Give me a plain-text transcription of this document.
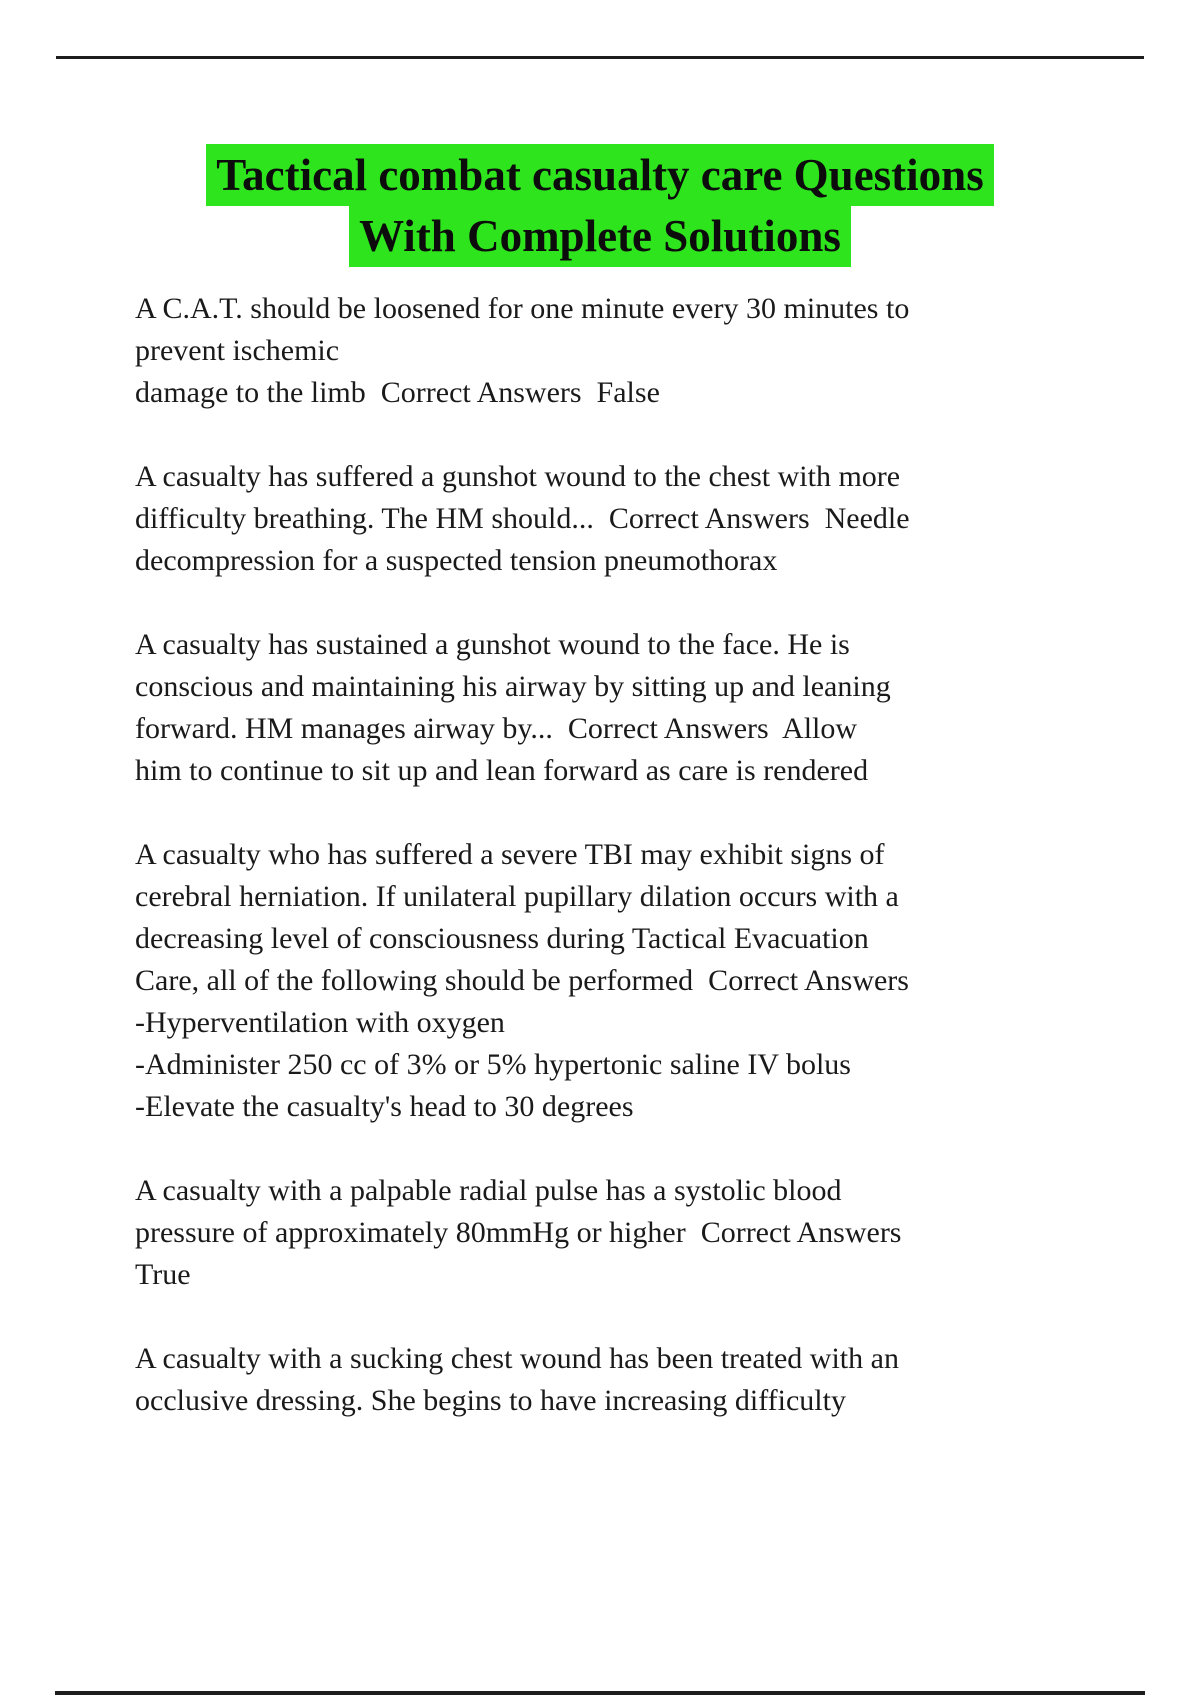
Tactical combat casualty care Questions
With Complete Solutions
A C.A.T. should be loosened for one minute every 30 minutes to
prevent ischemic
damage to the limb  Correct Answers  False
A casualty has suffered a gunshot wound to the chest with more
difficulty breathing. The HM should...  Correct Answers  Needle
decompression for a suspected tension pneumothorax
A casualty has sustained a gunshot wound to the face. He is
conscious and maintaining his airway by sitting up and leaning
forward. HM manages airway by...  Correct Answers  Allow
him to continue to sit up and lean forward as care is rendered
A casualty who has suffered a severe TBI may exhibit signs of
cerebral herniation. If unilateral pupillary dilation occurs with a
decreasing level of consciousness during Tactical Evacuation
Care, all of the following should be performed  Correct Answers
-Hyperventilation with oxygen
-Administer 250 cc of 3% or 5% hypertonic saline IV bolus
-Elevate the casualty's head to 30 degrees
A casualty with a palpable radial pulse has a systolic blood
pressure of approximately 80mmHg or higher  Correct Answers
True
A casualty with a sucking chest wound has been treated with an
occlusive dressing. She begins to have increasing difficulty
